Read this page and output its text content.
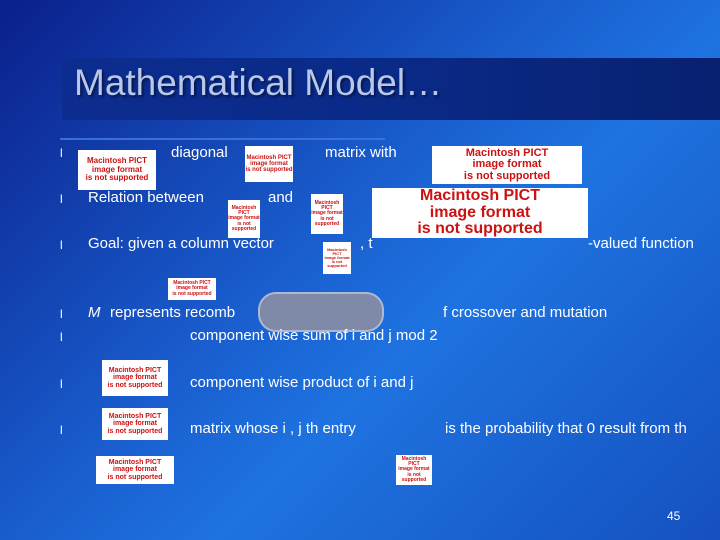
Mathematical Model…
l
l
l
l
l
l
l
Macintosh PICT
image format
is not supported
diagonal	Macintosh PICT
image format
is not supported
matrix with	Macintosh PICT
image format
is not supported
Relation between
Macintosh PICT
image format
is not supported
and	Macintosh PICT
image format
is not supported
Macintosh PICT
image format
is not supported
Goal: given a column vector	Macintosh PICT
image format
is not supported
, t	-valued function
Macintosh PICT
image format
is not supported
M represents recomb	f crossover and mutation
component wise sum of i and j mod 2
Macintosh PICT
image format
is not supported	component wise product of i and j
Macintosh PICT
image format
is not supported	matrix whose i , j th entry	is the probability that 0 result from th
Macintosh PICT
image format
is not supported
Macintosh PICT
image format
is not supported
45
